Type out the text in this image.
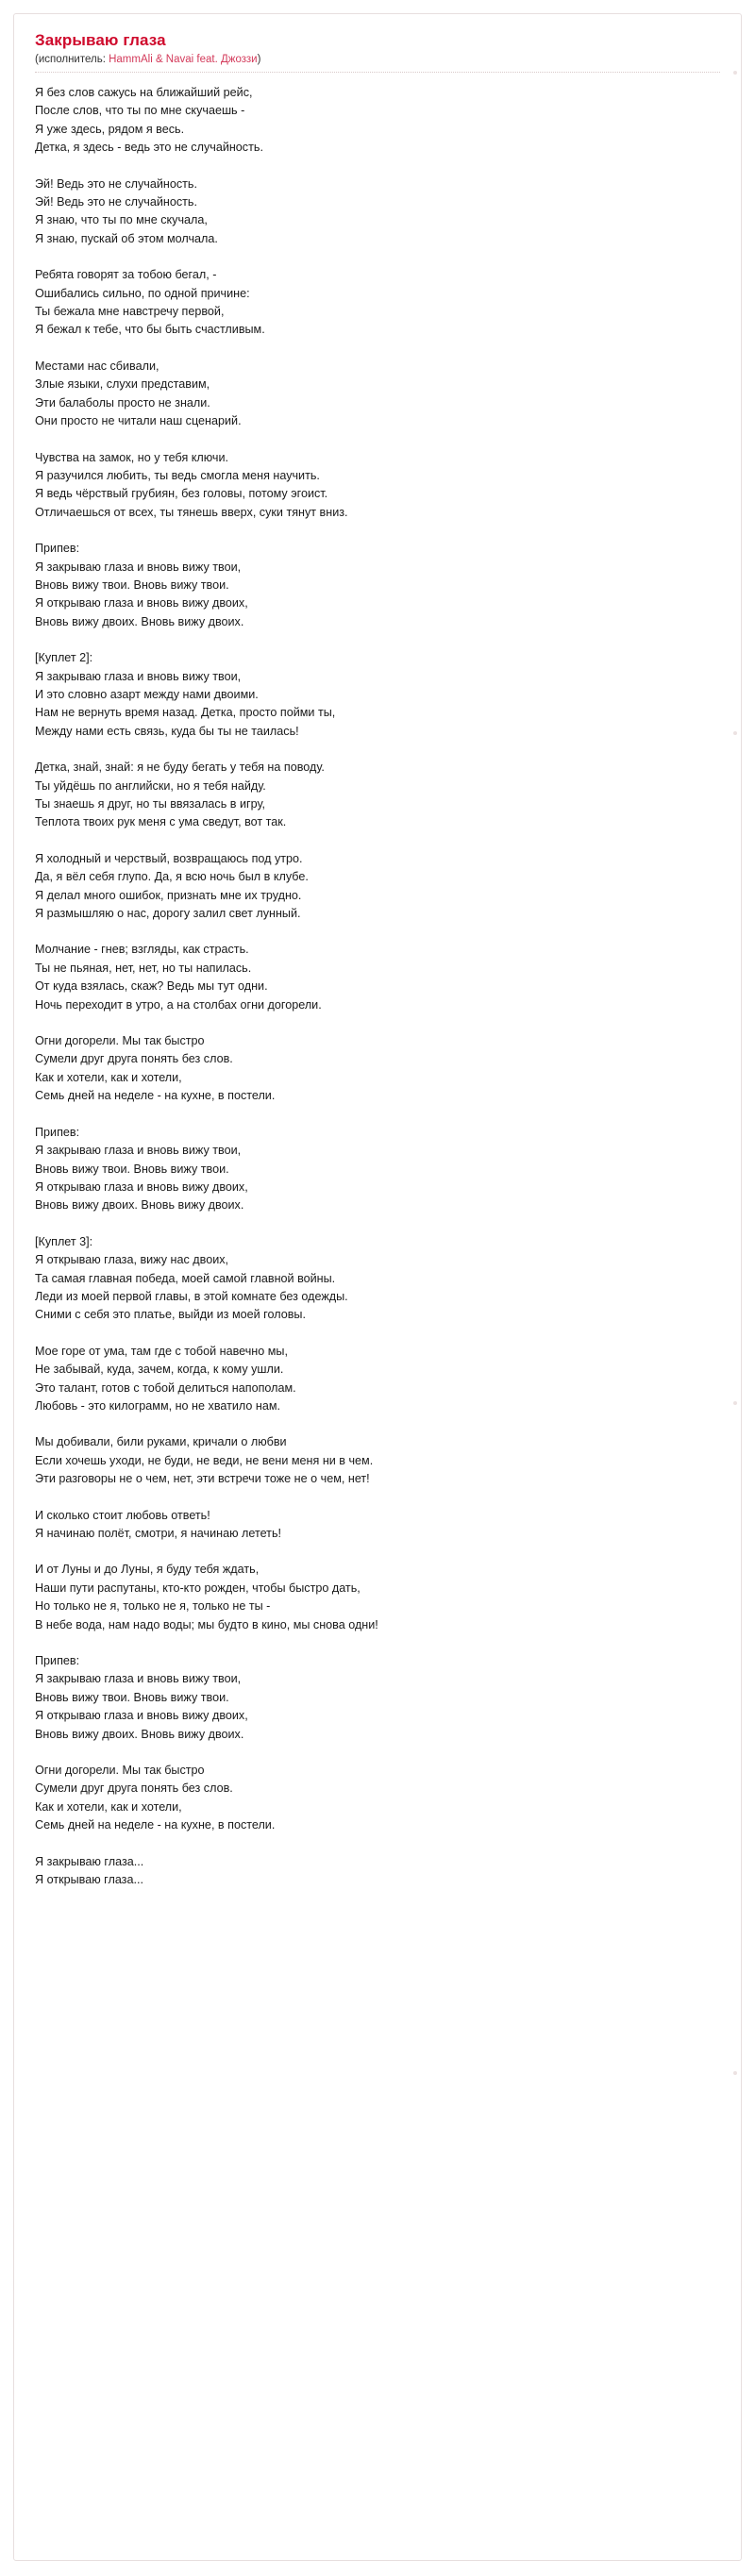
Закрываю глаза
(исполнитель: HammAli & Navai feat. Джоззи)
Я без слов сажусь на ближайший рейс,
После слов, что ты по мне скучаешь -
Я уже здесь, рядом я весь.
Детка, я здесь - ведь это не случайность.
Эй! Ведь это не случайность.
Эй! Ведь это не случайность.
Я знаю, что ты по мне скучала,
Я знаю, пускай об этом молчала.
Ребята говорят за тобою бегал, -
Ошибались сильно, по одной причине:
Ты бежала мне навстречу первой,
Я бежал к тебе, что бы быть счастливым.
Местами нас сбивали,
Злые языки, слухи представим,
Эти балаболы просто не знали.
Они просто не читали наш сценарий.
Чувства на замок, но у тебя ключи.
Я разучился любить, ты ведь смогла меня научить.
Я ведь чёрствый грубиян, без головы, потому эгоист.
Отличаешься от всех, ты тянешь вверх, суки тянут вниз.
Припев:
Я закрываю глаза и вновь вижу твои,
Вновь вижу твои. Вновь вижу твои.
Я открываю глаза и вновь вижу двоих,
Вновь вижу двоих. Вновь вижу двоих.
[Куплет 2]:
Я закрываю глаза и вновь вижу твои,
И это словно азарт между нами двоими.
Нам не вернуть время назад. Детка, просто пойми ты,
Между нами есть связь, куда бы ты не таилась!
Детка, знай, знай: я не буду бегать у тебя на поводу.
Ты уйдёшь по английски, но я тебя найду.
Ты знаешь я друг, но ты ввязалась в игру,
Теплота твоих рук меня с ума сведут, вот так.
Я холодный и черствый, возвращаюсь под утро.
Да, я вёл себя глупо. Да, я всю ночь был в клубе.
Я делал много ошибок, признать мне их трудно.
Я размышляю о нас, дорогу залил свет лунный.
Молчание - гнев; взгляды, как страсть.
Ты не пьяная, нет, нет, но ты напилась.
От куда взялась, скаж? Ведь мы тут одни.
Ночь переходит в утро, а на столбах огни догорели.
Огни догорели. Мы так быстро
Сумели друг друга понять без слов.
Как и хотели, как и хотели,
Семь дней на неделе - на кухне, в постели.
Припев:
Я закрываю глаза и вновь вижу твои,
Вновь вижу твои. Вновь вижу твои.
Я открываю глаза и вновь вижу двоих,
Вновь вижу двоих. Вновь вижу двоих.
[Куплет 3]:
Я открываю глаза, вижу нас двоих,
Та самая главная победа, моей самой главной войны.
Леди из моей первой главы, в этой комнате без одежды.
Сними с себя это платье, выйди из моей головы.
Мое горе от ума, там где с тобой навечно мы,
Не забывай, куда, зачем, когда, к кому ушли.
Это талант, готов с тобой делиться напополам.
Любовь - это килограмм, но не хватило нам.
Мы добивали, били руками, кричали о любви
Если хочешь уходи, не буди, не веди, не вени меня ни в чем.
Эти разговоры не о чем, нет, эти встречи тоже не о чем, нет!
И сколько стоит любовь ответь!
Я начинаю полёт, смотри, я начинаю лететь!
И от Луны и до Луны, я буду тебя ждать,
Наши пути распутаны, кто-кто рожден, чтобы быстро дать,
Но только не я, только не я, только не ты -
В небе вода, нам надо воды; мы будто в кино, мы снова одни!
Припев:
Я закрываю глаза и вновь вижу твои,
Вновь вижу твои. Вновь вижу твои.
Я открываю глаза и вновь вижу двоих,
Вновь вижу двоих. Вновь вижу двоих.
Огни догорели. Мы так быстро
Сумели друг друга понять без слов.
Как и хотели, как и хотели,
Семь дней на неделе - на кухне, в постели.
Я закрываю глаза...
Я открываю глаза...
